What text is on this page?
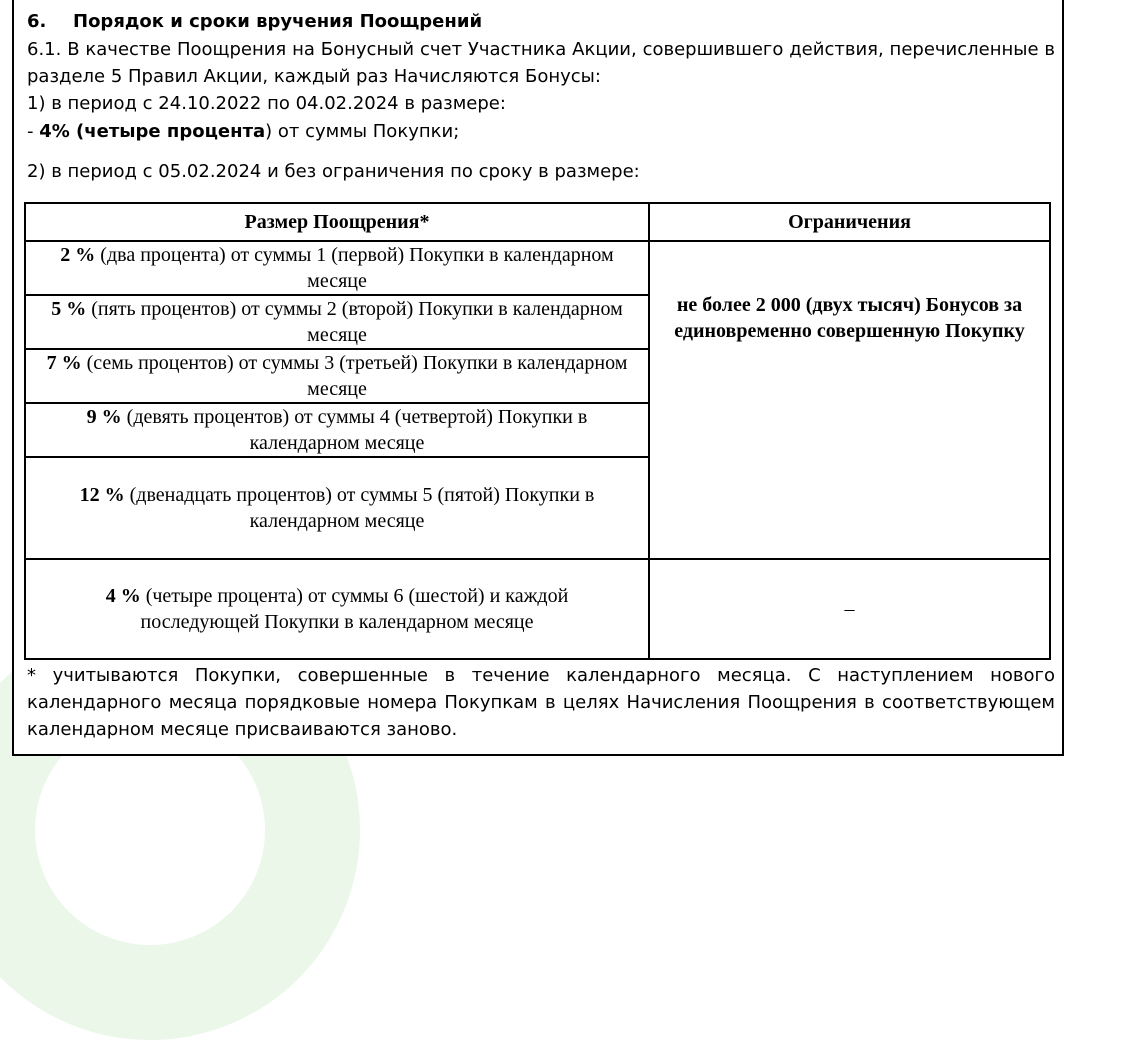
6. Порядок и сроки вручения Поощрений
6.1. В качестве Поощрения на Бонусный счет Участника Акции, совершившего действия, перечисленные в разделе 5 Правил Акции, каждый раз Начисляются Бонусы:
1) в период с 24.10.2022 по 04.02.2024 в размере:
- 4% (четыре процента) от суммы Покупки;
2) в период с 05.02.2024 и без ограничения по сроку в размере:
Размер Поощрения*	Ограничения
2 % (два процента) от суммы 1 (первой) Покупки в календарном месяце	не более 2 000 (двух тысяч) Бонусов за единовременно совершенную Покупку
5 % (пять процентов) от суммы 2 (второй) Покупки в календарном месяце	
7 % (семь процентов) от суммы 3 (третьей) Покупки в календарном месяце	
9 % (девять процентов) от суммы 4 (четвертой) Покупки в календарном месяце	
12 % (двенадцать процентов) от суммы 5 (пятой) Покупки в календарном месяце	
4 % (четыре процента) от суммы 6 (шестой) и каждой последующей Покупки в календарном месяце	–
* учитываются Покупки, совершенные в течение календарного месяца. С наступлением нового календарного месяца порядковые номера Покупкам в целях Начисления Поощрения в соответствующем календарном месяце присваиваются заново.
